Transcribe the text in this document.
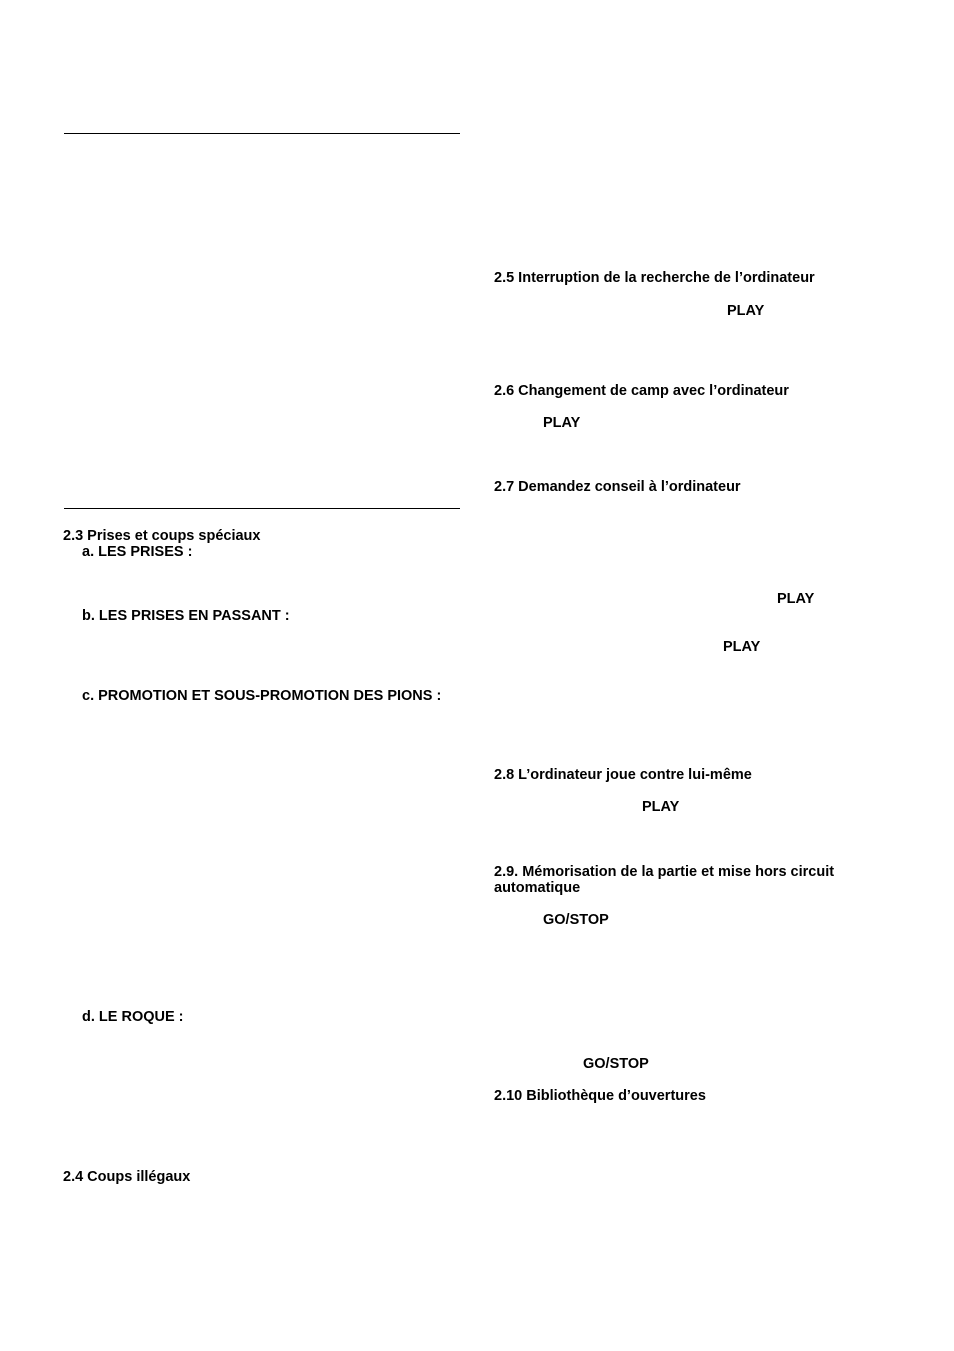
2.3 Prises et coups spéciaux
a. LES PRISES :
b. LES PRISES EN PASSANT :
c. PROMOTION ET SOUS-PROMOTION DES PIONS :
d. LE ROQUE :
2.4 Coups illégaux
2.5 Interruption de la recherche de l’ordinateur
PLAY
2.6 Changement de camp avec l’ordinateur
PLAY
2.7 Demandez conseil à l’ordinateur
PLAY
PLAY
2.8 L’ordinateur joue contre lui-même
PLAY
2.9. Mémorisation de la partie et mise hors circuit automatique
GO/STOP
GO/STOP
2.10 Bibliothèque d’ouvertures
